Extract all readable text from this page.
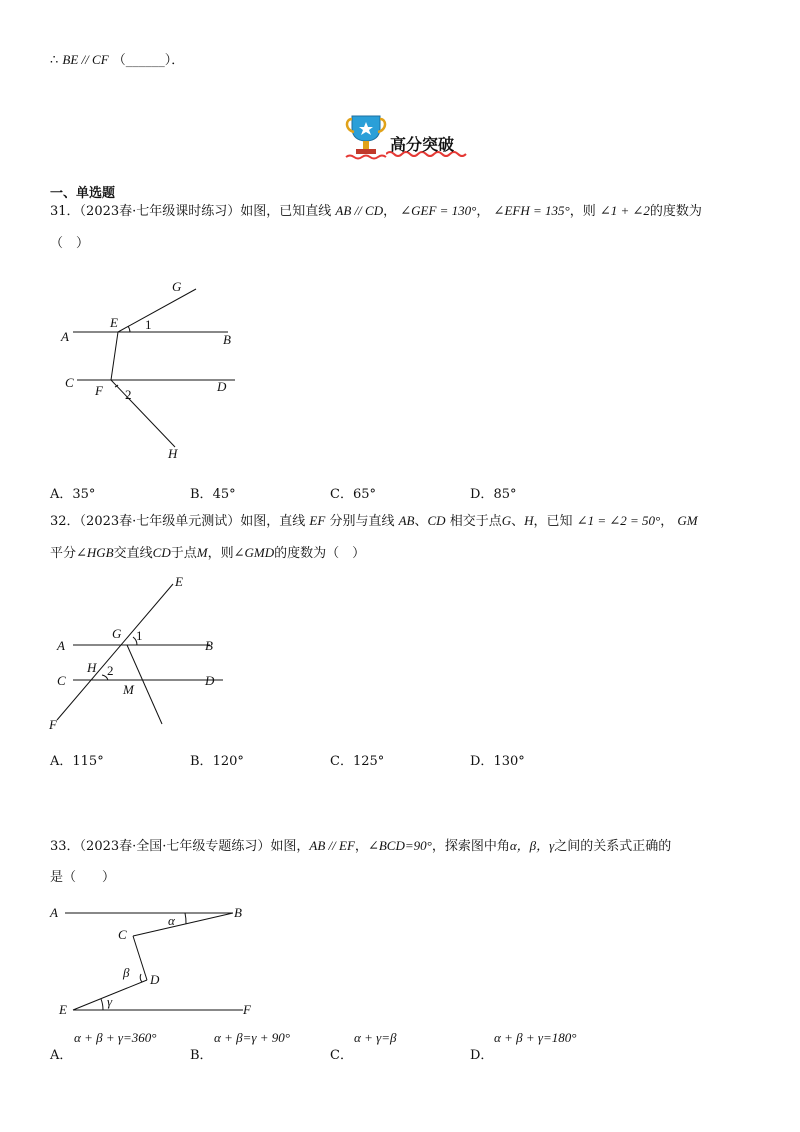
∴ BE // CF （______）．
高分突破
一、单选题
31．（2023春·七年级课时练习）如图，已知直线 AB // CD， ∠GEF = 130°， ∠EFH = 135°，则 ∠1 + ∠2的度数为
（　）
G
E 1
A	B
C	D
F 2
H
A．35°	B．45°	C．65°	D．85°
32．（2023春·七年级单元测试）如图，直线 EF 分别与直线 AB、CD 相交于点G、H，已知 ∠1 = ∠2 = 50°， GM
平分∠HGB交直线CD于点M，则∠GMD的度数为（　）
E
A
G 1
B
H 2
C
M
D
F
A．115°	B．120°	C．125°	D．130°
33．（2023春·全国·七年级专题练习）如图，AB // EF，∠BCD=90°，探索图中角α，β，γ之间的关系式正确的
是（　　）
A
α
B
C
β D
E
γ
F
A．
α + β + γ=360°
B．
α + β=γ + 90°
C．
α + γ=β
D．
α + β + γ=180°
